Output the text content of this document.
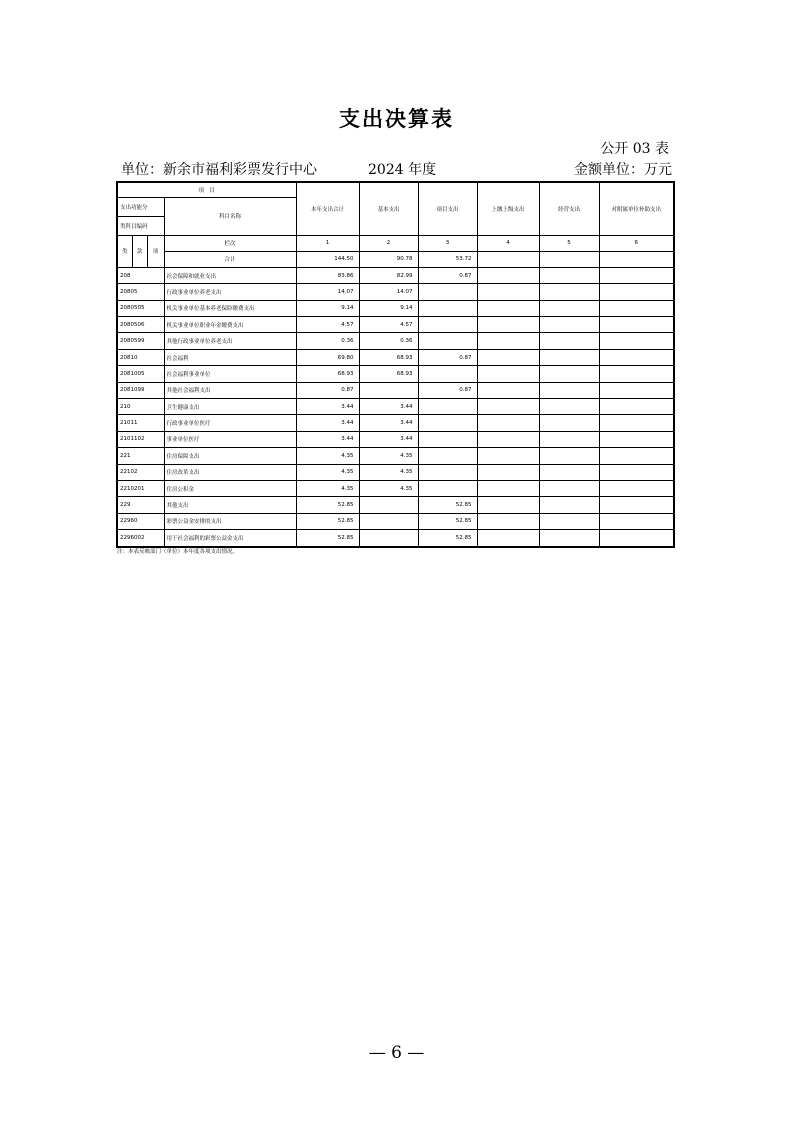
支出决算表
公开 03 表
单位：新余市福利彩票发行中心	2024 年度	金额单位：万元
项　目				本年支出合计	基本支出	项目支出	上缴上级支出	经营支出	对附属单位补助支出
支出功能分			科目名称						
类科目编码									
类	款	项	栏次	1	2	3	4	5	6
			合计	144.50	90.78	53.72			
208			社会保障和就业支出	83.86	82.99	0.87			
20805			行政事业单位养老支出	14.07	14.07				
2080505			机关事业单位基本养老保险缴费支出	9.14	9.14				
2080506			机关事业单位职业年金缴费支出	4.57	4.57				
2080599			其他行政事业单位养老支出	0.36	0.36				
20810			社会福利	69.80	68.93	0.87			
2081005			社会福利事业单位	68.93	68.93				
2081099			其他社会福利支出	0.87		0.87			
210			卫生健康支出	3.44	3.44				
21011			行政事业单位医疗	3.44	3.44				
2101102			事业单位医疗	3.44	3.44				
221			住房保障支出	4.35	4.35				
22102			住房改革支出	4.35	4.35				
2210201			住房公积金	4.35	4.35				
229			其他支出	52.85		52.85			
22960			彩票公益金安排的支出	52.85		52.85			
2296002			用于社会福利的彩票公益金支出	52.85		52.85			
注：本表反映部门（单位）本年度各项支出情况。
— 6 —
